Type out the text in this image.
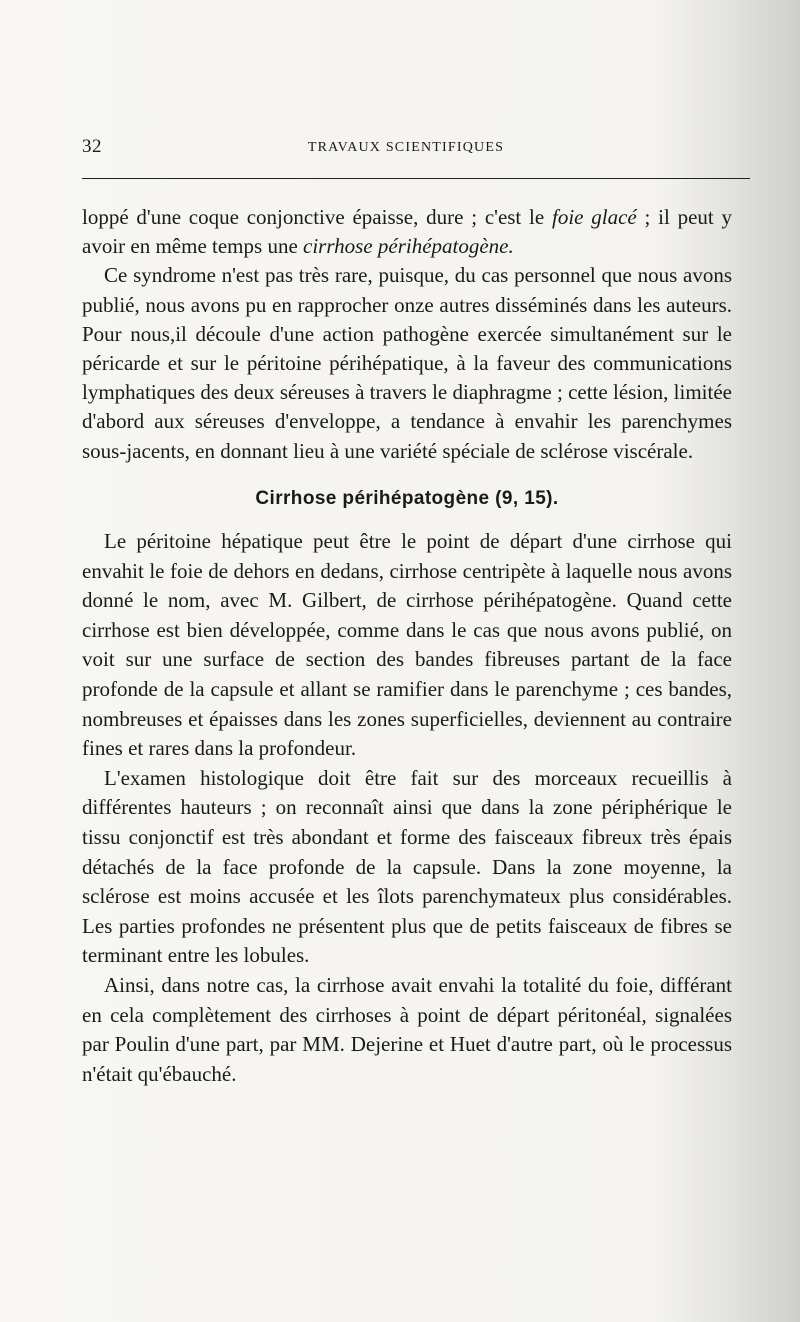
32	TRAVAUX SCIENTIFIQUES

loppé d'une coque conjonctive épaisse, dure ; c'est le foie glacé ; il peut y avoir en même temps une cirrhose périhépatogène.

Ce syndrome n'est pas très rare, puisque, du cas personnel que nous avons publié, nous avons pu en rapprocher onze autres disséminés dans les auteurs. Pour nous,il découle d'une action pathogène exercée simultanément sur le péricarde et sur le péritoine périhépatique, à la faveur des communications lymphatiques des deux séreuses à travers le diaphragme ; cette lésion, limitée d'abord aux séreuses d'enveloppe, a tendance à envahir les parenchymes sous-jacents, en donnant lieu à une variété spéciale de sclérose viscérale.

Cirrhose périhépatogène (9, 15).

Le péritoine hépatique peut être le point de départ d'une cirrhose qui envahit le foie de dehors en dedans, cirrhose centripète à laquelle nous avons donné le nom, avec M. Gilbert, de cirrhose périhépatogène. Quand cette cirrhose est bien développée, comme dans le cas que nous avons publié, on voit sur une surface de section des bandes fibreuses partant de la face profonde de la capsule et allant se ramifier dans le parenchyme ; ces bandes, nombreuses et épaisses dans les zones superficielles, deviennent au contraire fines et rares dans la profondeur.

L'examen histologique doit être fait sur des morceaux recueillis à différentes hauteurs ; on reconnaît ainsi que dans la zone périphérique le tissu conjonctif est très abondant et forme des faisceaux fibreux très épais détachés de la face profonde de la capsule. Dans la zone moyenne, la sclérose est moins accusée et les îlots parenchymateux plus considérables. Les parties profondes ne présentent plus que de petits faisceaux de fibres se terminant entre les lobules.

Ainsi, dans notre cas, la cirrhose avait envahi la totalité du foie, différant en cela complètement des cirrhoses à point de départ péritonéal, signalées par Poulin d'une part, par MM. Dejerine et Huet d'autre part, où le processus n'était qu'ébauché.
